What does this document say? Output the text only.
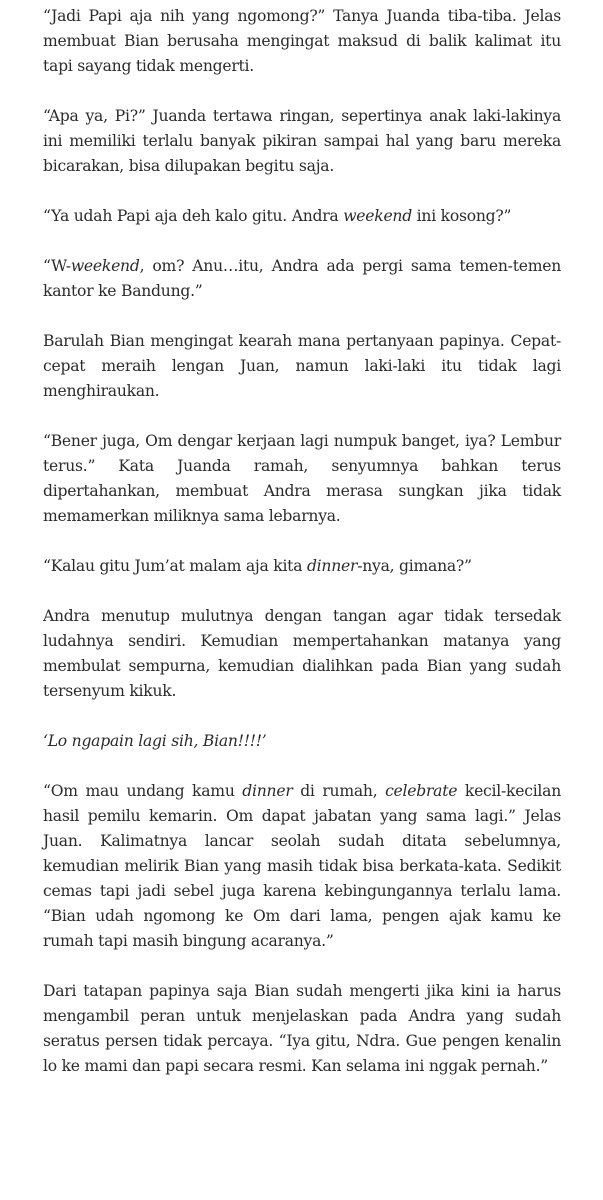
“Jadi Papi aja nih yang ngomong?” Tanya Juanda tiba-tiba. Jelas membuat Bian berusaha mengingat maksud di balik kalimat itu tapi sayang tidak mengerti.

“Apa ya, Pi?” Juanda tertawa ringan, sepertinya anak laki-lakinya ini memiliki terlalu banyak pikiran sampai hal yang baru mereka bicarakan, bisa dilupakan begitu saja.

“Ya udah Papi aja deh kalo gitu. Andra weekend ini kosong?”

“W-weekend, om? Anu…itu, Andra ada pergi sama temen-temen kantor ke Bandung.”

Barulah Bian mengingat kearah mana pertanyaan papinya. Cepat-cepat meraih lengan Juan, namun laki-laki itu tidak lagi menghiraukan.

“Bener juga, Om dengar kerjaan lagi numpuk banget, iya? Lembur terus.” Kata Juanda ramah, senyumnya bahkan terus dipertahankan, membuat Andra merasa sungkan jika tidak memamerkan miliknya sama lebarnya.

“Kalau gitu Jum’at malam aja kita dinner-nya, gimana?”

Andra menutup mulutnya dengan tangan agar tidak tersedak ludahnya sendiri. Kemudian mempertahankan matanya yang membulat sempurna, kemudian dialihkan pada Bian yang sudah tersenyum kikuk.

‘Lo ngapain lagi sih, Bian!!!!’

“Om mau undang kamu dinner di rumah, celebrate kecil-kecilan hasil pemilu kemarin. Om dapat jabatan yang sama lagi.” Jelas Juan. Kalimatnya lancar seolah sudah ditata sebelumnya, kemudian melirik Bian yang masih tidak bisa berkata-kata. Sedikit cemas tapi jadi sebel juga karena kebingungannya terlalu lama. “Bian udah ngomong ke Om dari lama, pengen ajak kamu ke rumah tapi masih bingung acaranya.”

Dari tatapan papinya saja Bian sudah mengerti jika kini ia harus mengambil peran untuk menjelaskan pada Andra yang sudah seratus persen tidak percaya. “Iya gitu, Ndra. Gue pengen kenalin lo ke mami dan papi secara resmi. Kan selama ini nggak pernah.”
